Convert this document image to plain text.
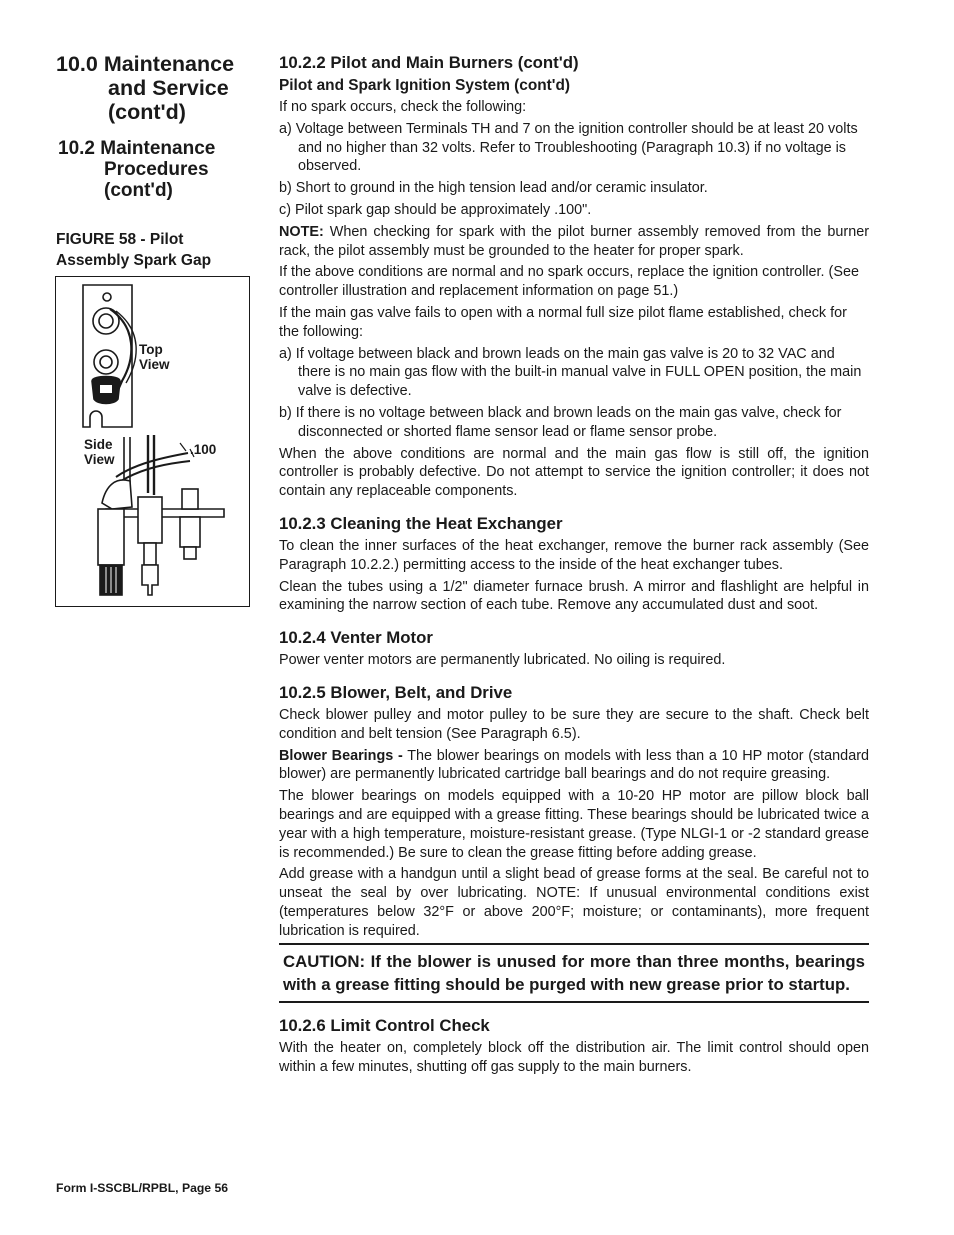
10.0 Maintenance
and Service
(cont'd)
10.2 Maintenance
Procedures
(cont'd)
FIGURE 58 - Pilot
Assembly Spark Gap
Top
View
Side
View
.100
10.2.2 Pilot and Main Burners (cont'd)
Pilot and Spark Ignition System (cont'd)

If no spark occurs, check the following:

a) Voltage between Terminals TH and 7 on the ignition controller should be at least 20 volts and no higher than 32 volts. Refer to Troubleshooting (Paragraph 10.3) if no voltage is observed.

b) Short to ground in the high tension lead and/or ceramic insulator.

c) Pilot spark gap should be approximately .100".

NOTE: When checking for spark with the pilot burner assembly removed from the burner rack, the pilot assembly must be grounded to the heater for proper spark.

If the above conditions are normal and no spark occurs, replace the ignition controller. (See controller illustration and replacement information on page 51.)

If the main gas valve fails to open with a normal full size pilot flame established, check for the following:

a) If voltage between black and brown leads on the main gas valve is 20 to 32 VAC and there is no main gas flow with the built-in manual valve in FULL OPEN position, the main valve is defective.

b) If there is no voltage between black and brown leads on the main gas valve, check for disconnected or shorted flame sensor lead or flame sensor probe.

When the above conditions are normal and the main gas flow is still off, the ignition controller is probably defective. Do not attempt to service the ignition controller; it does not contain any replaceable components.

10.2.3 Cleaning the Heat Exchanger

To clean the inner surfaces of the heat exchanger, remove the burner rack assembly (See Paragraph 10.2.2.) permitting access to the inside of the heat exchanger tubes.

Clean the tubes using a 1/2" diameter furnace brush. A mirror and flashlight are helpful in examining the narrow section of each tube. Remove any accumulated dust and soot.

10.2.4 Venter Motor

Power venter motors are permanently lubricated. No oiling is required.

10.2.5 Blower, Belt, and Drive

Check blower pulley and motor pulley to be sure they are secure to the shaft. Check belt condition and belt tension (See Paragraph 6.5).

Blower Bearings - The blower bearings on models with less than a 10 HP motor (standard blower) are permanently lubricated cartridge ball bearings and do not require greasing.

The blower bearings on models equipped with a 10-20 HP motor are pillow block ball bearings and are equipped with a grease fitting. These bearings should be lubricated twice a year with a high temperature, moisture-resistant grease. (Type NLGI-1 or -2 standard grease is recommended.) Be sure to clean the grease fitting before adding grease.

Add grease with a handgun until a slight bead of grease forms at the seal. Be careful not to unseat the seal by over lubricating. NOTE: If unusual environmental conditions exist (temperatures below 32°F or above 200°F; moisture; or contaminants), more frequent lubrication is required.

CAUTION: If the blower is unused for more than three months, bearings with a grease fitting should be purged with new grease prior to startup.
10.2.6 Limit Control Check

With the heater on, completely block off the distribution air. The limit control should open within a few minutes, shutting off gas supply to the main burners.

Form I-SSCBL/RPBL, Page 56
